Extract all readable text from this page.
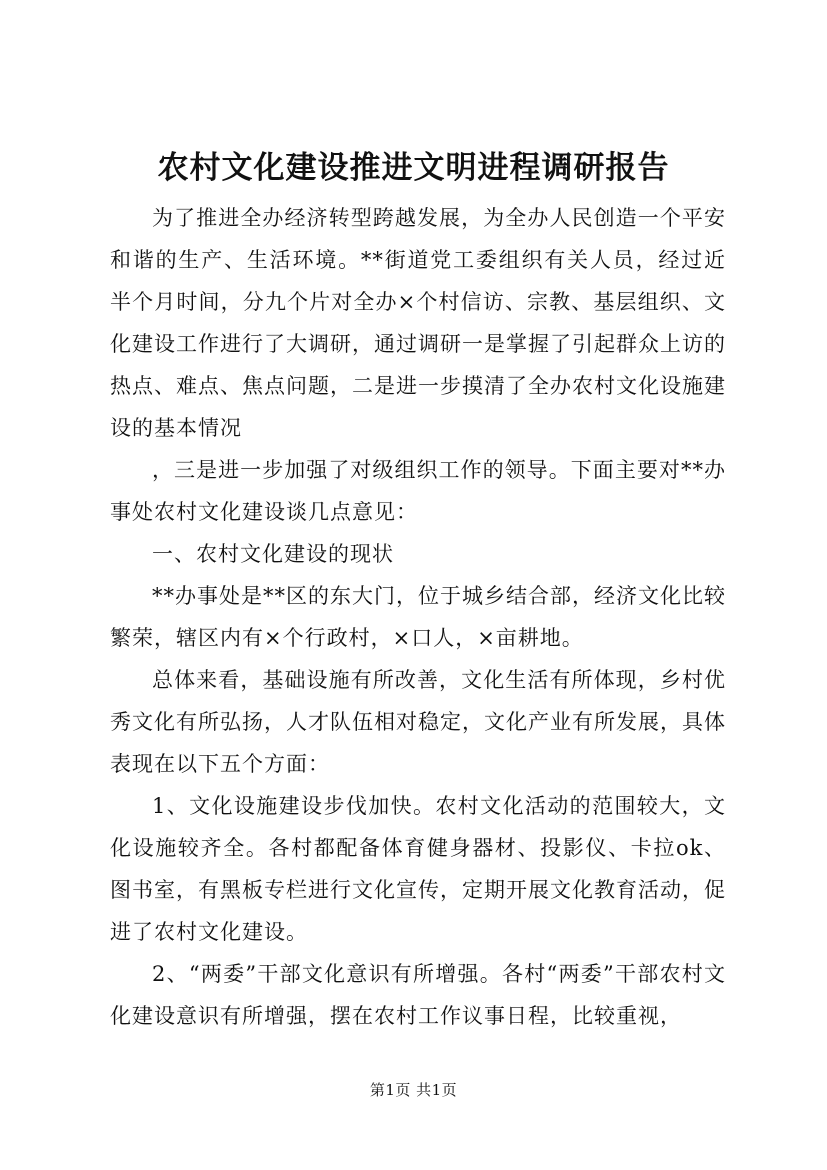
农村文化建设推进文明进程调研报告

为了推进全办经济转型跨越发展，为全办人民创造一个平安和谐的生产、生活环境。**街道党工委组织有关人员，经过近半个月时间，分九个片对全办×个村信访、宗教、基层组织、文化建设工作进行了大调研，通过调研一是掌握了引起群众上访的热点、难点、焦点问题，二是进一步摸清了全办农村文化设施建设的基本情况

，三是进一步加强了对级组织工作的领导。下面主要对**办事处农村文化建设谈几点意见：

一、农村文化建设的现状

**办事处是**区的东大门，位于城乡结合部，经济文化比较繁荣，辖区内有×个行政村，×口人，×亩耕地。

总体来看，基础设施有所改善，文化生活有所体现，乡村优秀文化有所弘扬，人才队伍相对稳定，文化产业有所发展，具体表现在以下五个方面：

1、文化设施建设步伐加快。农村文化活动的范围较大，文化设施较齐全。各村都配备体育健身器材、投影仪、卡拉ok、图书室，有黑板专栏进行文化宣传，定期开展文化教育活动，促进了农村文化建设。

2、“两委”干部文化意识有所增强。各村“两委”干部农村文化建设意识有所增强，摆在农村工作议事日程，比较重视，

第1页 共1页
